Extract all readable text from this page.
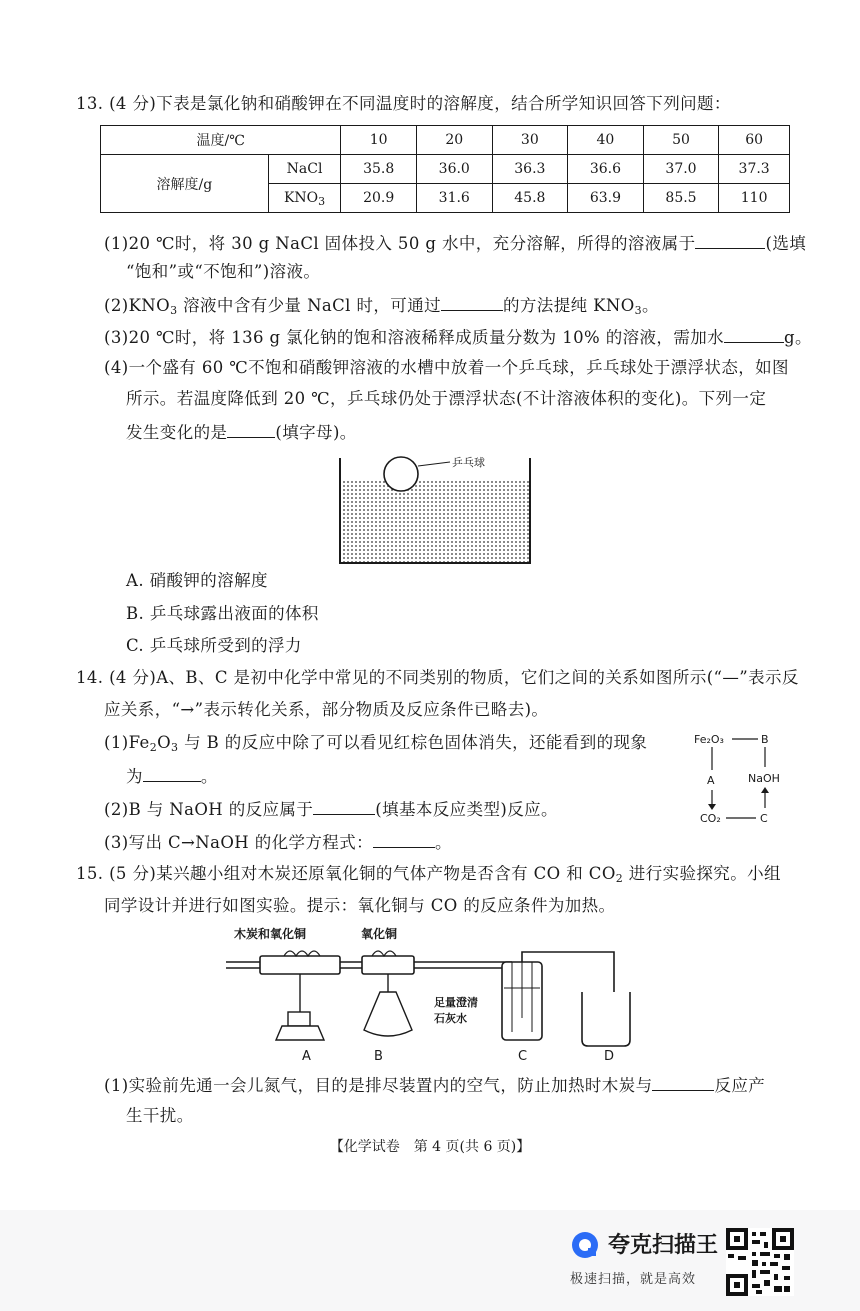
13. (4 分)下表是氯化钠和硝酸钾在不同温度时的溶解度，结合所学知识回答下列问题：
温度/℃		10	20	30	40	50	60
溶解度/g	NaCl	35.8	36.0	36.3	36.6	37.0	37.3
	$KNO_3$	20.9	31.6	45.8	63.9	85.5	110
(1)20 ℃时，将 30 g NaCl 固体投入 50 g 水中，充分溶解，所得的溶液属于	(选填
“饱和”或“不饱和”)溶液。
$(2)KNO_3$ 溶液中含有少量 NaCl 时，可通过	的方法提纯 $KNO_3$。
(3)20 ℃时，将 136 g 氯化钠的饱和溶液稀释成质量分数为 10% 的溶液，需加水	g。
(4)一个盛有 60 ℃不饱和硝酸钾溶液的水槽中放着一个乒乓球，乒乓球处于漂浮状态，如图
所示。若温度降低到 20 ℃，乒乓球仍处于漂浮状态(不计溶液体积的变化)。下列一定
发生变化的是	(填字母)。
乒乓球
A. 硝酸钾的溶解度
B. 乒乓球露出液面的体积
C. 乒乓球所受到的浮力
14. (4 分)A、B、C 是初中化学中常见的不同类别的物质，它们之间的关系如图所示(“—”表示反
应关系，“→”表示转化关系，部分物质及反应条件已略去)。
$(1)Fe_2O_3$ 与 B 的反应中除了可以看见红棕色固体消失，还能看到的现象
为	。
(2)B 与 NaOH 的反应属于	(填基本反应类型)反应。
(3)写出 C→NaOH 的化学方程式：	。
Fe₂O₃	B
A	NaOH
CO₂	C
15. (5 分)某兴趣小组对木炭还原氧化铜的气体产物是否含有 CO 和 $CO_2$ 进行实验探究。小组
同学设计并进行如图实验。提示：氧化铜与 CO 的反应条件为加热。
木炭和氧化铜	氧化铜
足量澄清
石灰水
A	B	C	D
(1)实验前先通一会儿氮气，目的是排尽装置内的空气，防止加热时木炭与	反应产
生干扰。
【化学试卷　第 4 页(共 6 页)】
夸克扫描王
极速扫描，就是高效
